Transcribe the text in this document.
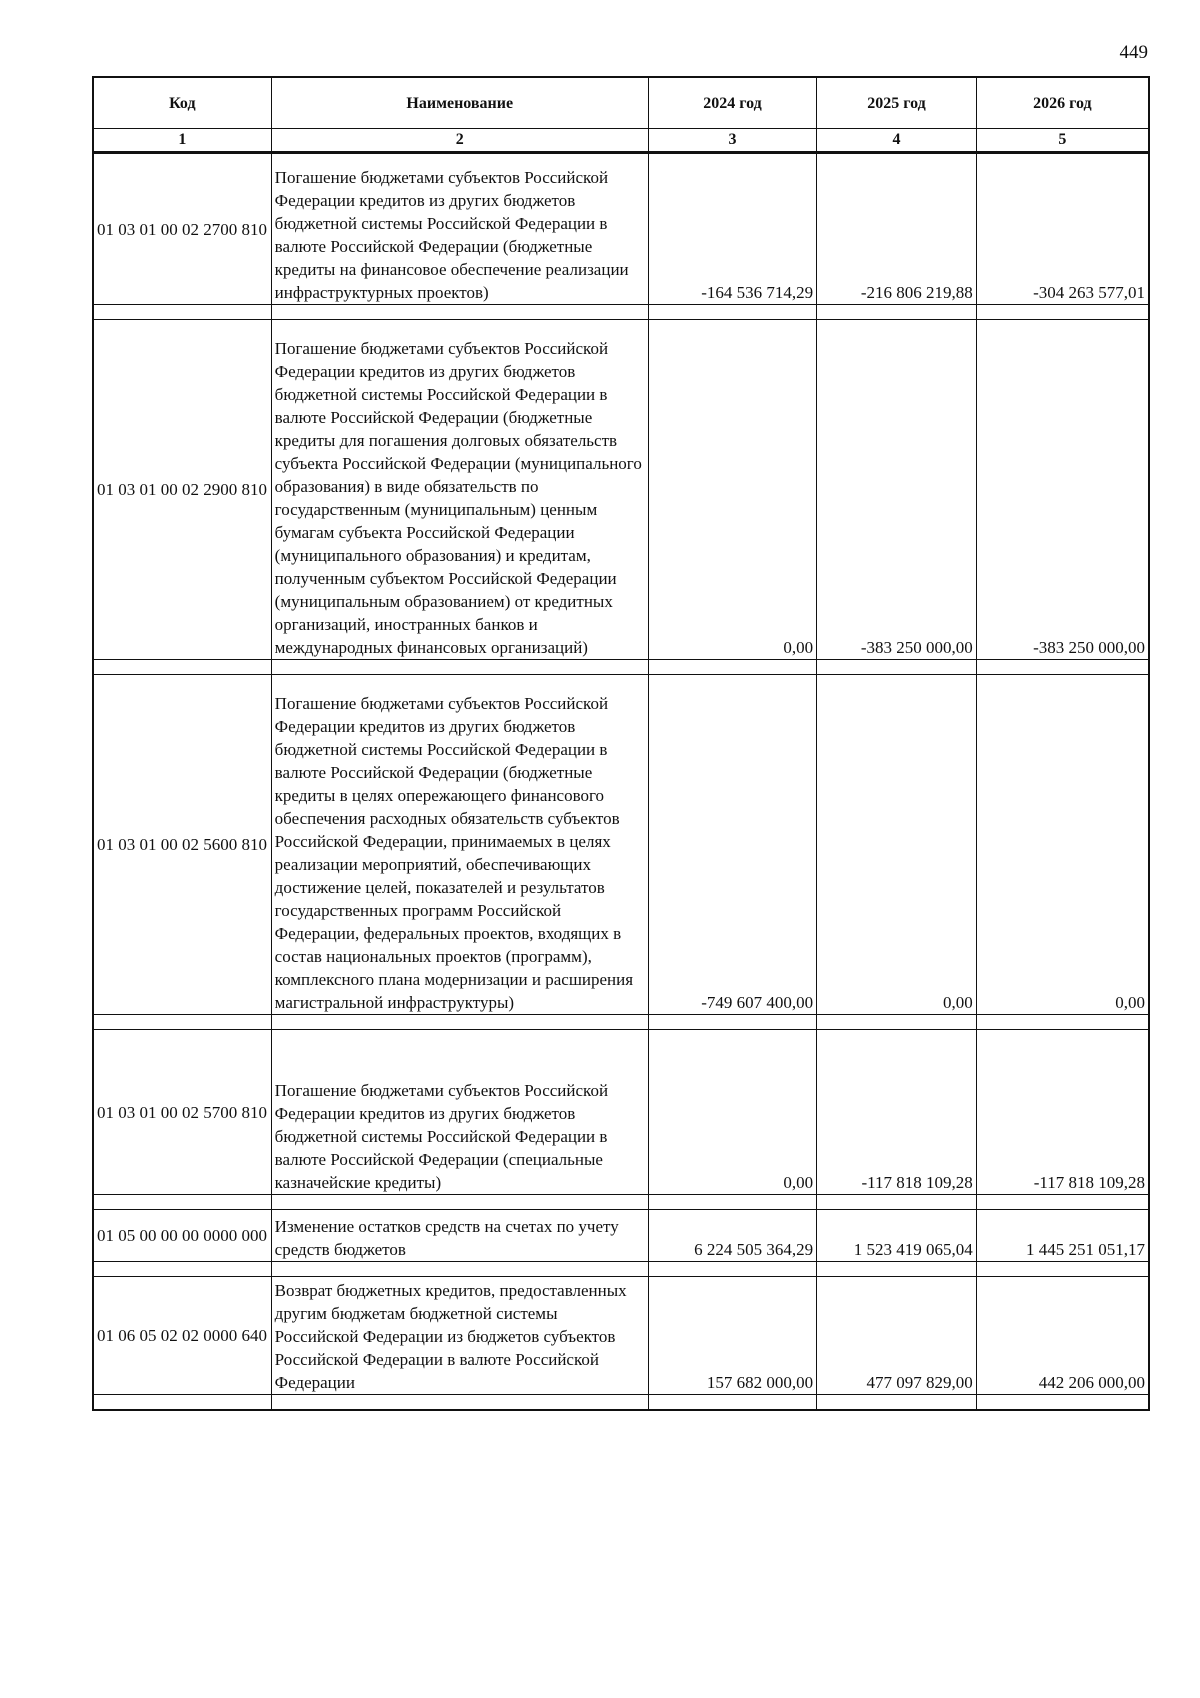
449
Код	Наименование	2024 год	2025 год	2026 год
1	2	3	4	5
01 03 01 00 02 2700 810	Погашение бюджетами субъектов Российской Федерации кредитов из других бюджетов бюджетной системы Российской Федерации в валюте Российской Федерации (бюджетные кредиты на финансовое обеспечение реализации инфраструктурных проектов)	-164 536 714,29	-216 806 219,88	-304 263 577,01

01 03 01 00 02 2900 810	Погашение бюджетами субъектов Российской Федерации кредитов из других бюджетов бюджетной системы Российской Федерации в валюте Российской Федерации (бюджетные кредиты для погашения долговых обязательств субъекта Российской Федерации (муниципального образования) в виде обязательств по государственным (муниципальным) ценным бумагам субъекта Российской Федерации (муниципального образования) и кредитам, полученным субъектом Российской Федерации (муниципальным образованием) от кредитных организаций, иностранных банков и международных финансовых организаций)	0,00	-383 250 000,00	-383 250 000,00

01 03 01 00 02 5600 810	Погашение бюджетами субъектов Российской Федерации кредитов из других бюджетов бюджетной системы Российской Федерации в валюте Российской Федерации (бюджетные кредиты в целях опережающего финансового обеспечения расходных обязательств субъектов Российской Федерации, принимаемых в целях реализации мероприятий, обеспечивающих достижение целей, показателей и результатов государственных программ Российской Федерации, федеральных проектов, входящих в состав национальных проектов (программ), комплексного плана модернизации и расширения магистральной инфраструктуры)	-749 607 400,00	0,00	0,00

01 03 01 00 02 5700 810	Погашение бюджетами субъектов Российской Федерации кредитов из других бюджетов бюджетной системы Российской Федерации в валюте Российской Федерации (специальные казначейские кредиты)	0,00	-117 818 109,28	-117 818 109,28

01 05 00 00 00 0000 000	Изменение остатков средств на счетах по учету средств бюджетов	6 224 505 364,29	1 523 419 065,04	1 445 251 051,17

01 06 05 02 02 0000 640	Возврат бюджетных кредитов, предоставленных другим бюджетам бюджетной системы Российской Федерации из бюджетов субъектов Российской Федерации в валюте Российской Федерации	157 682 000,00	477 097 829,00	442 206 000,00
